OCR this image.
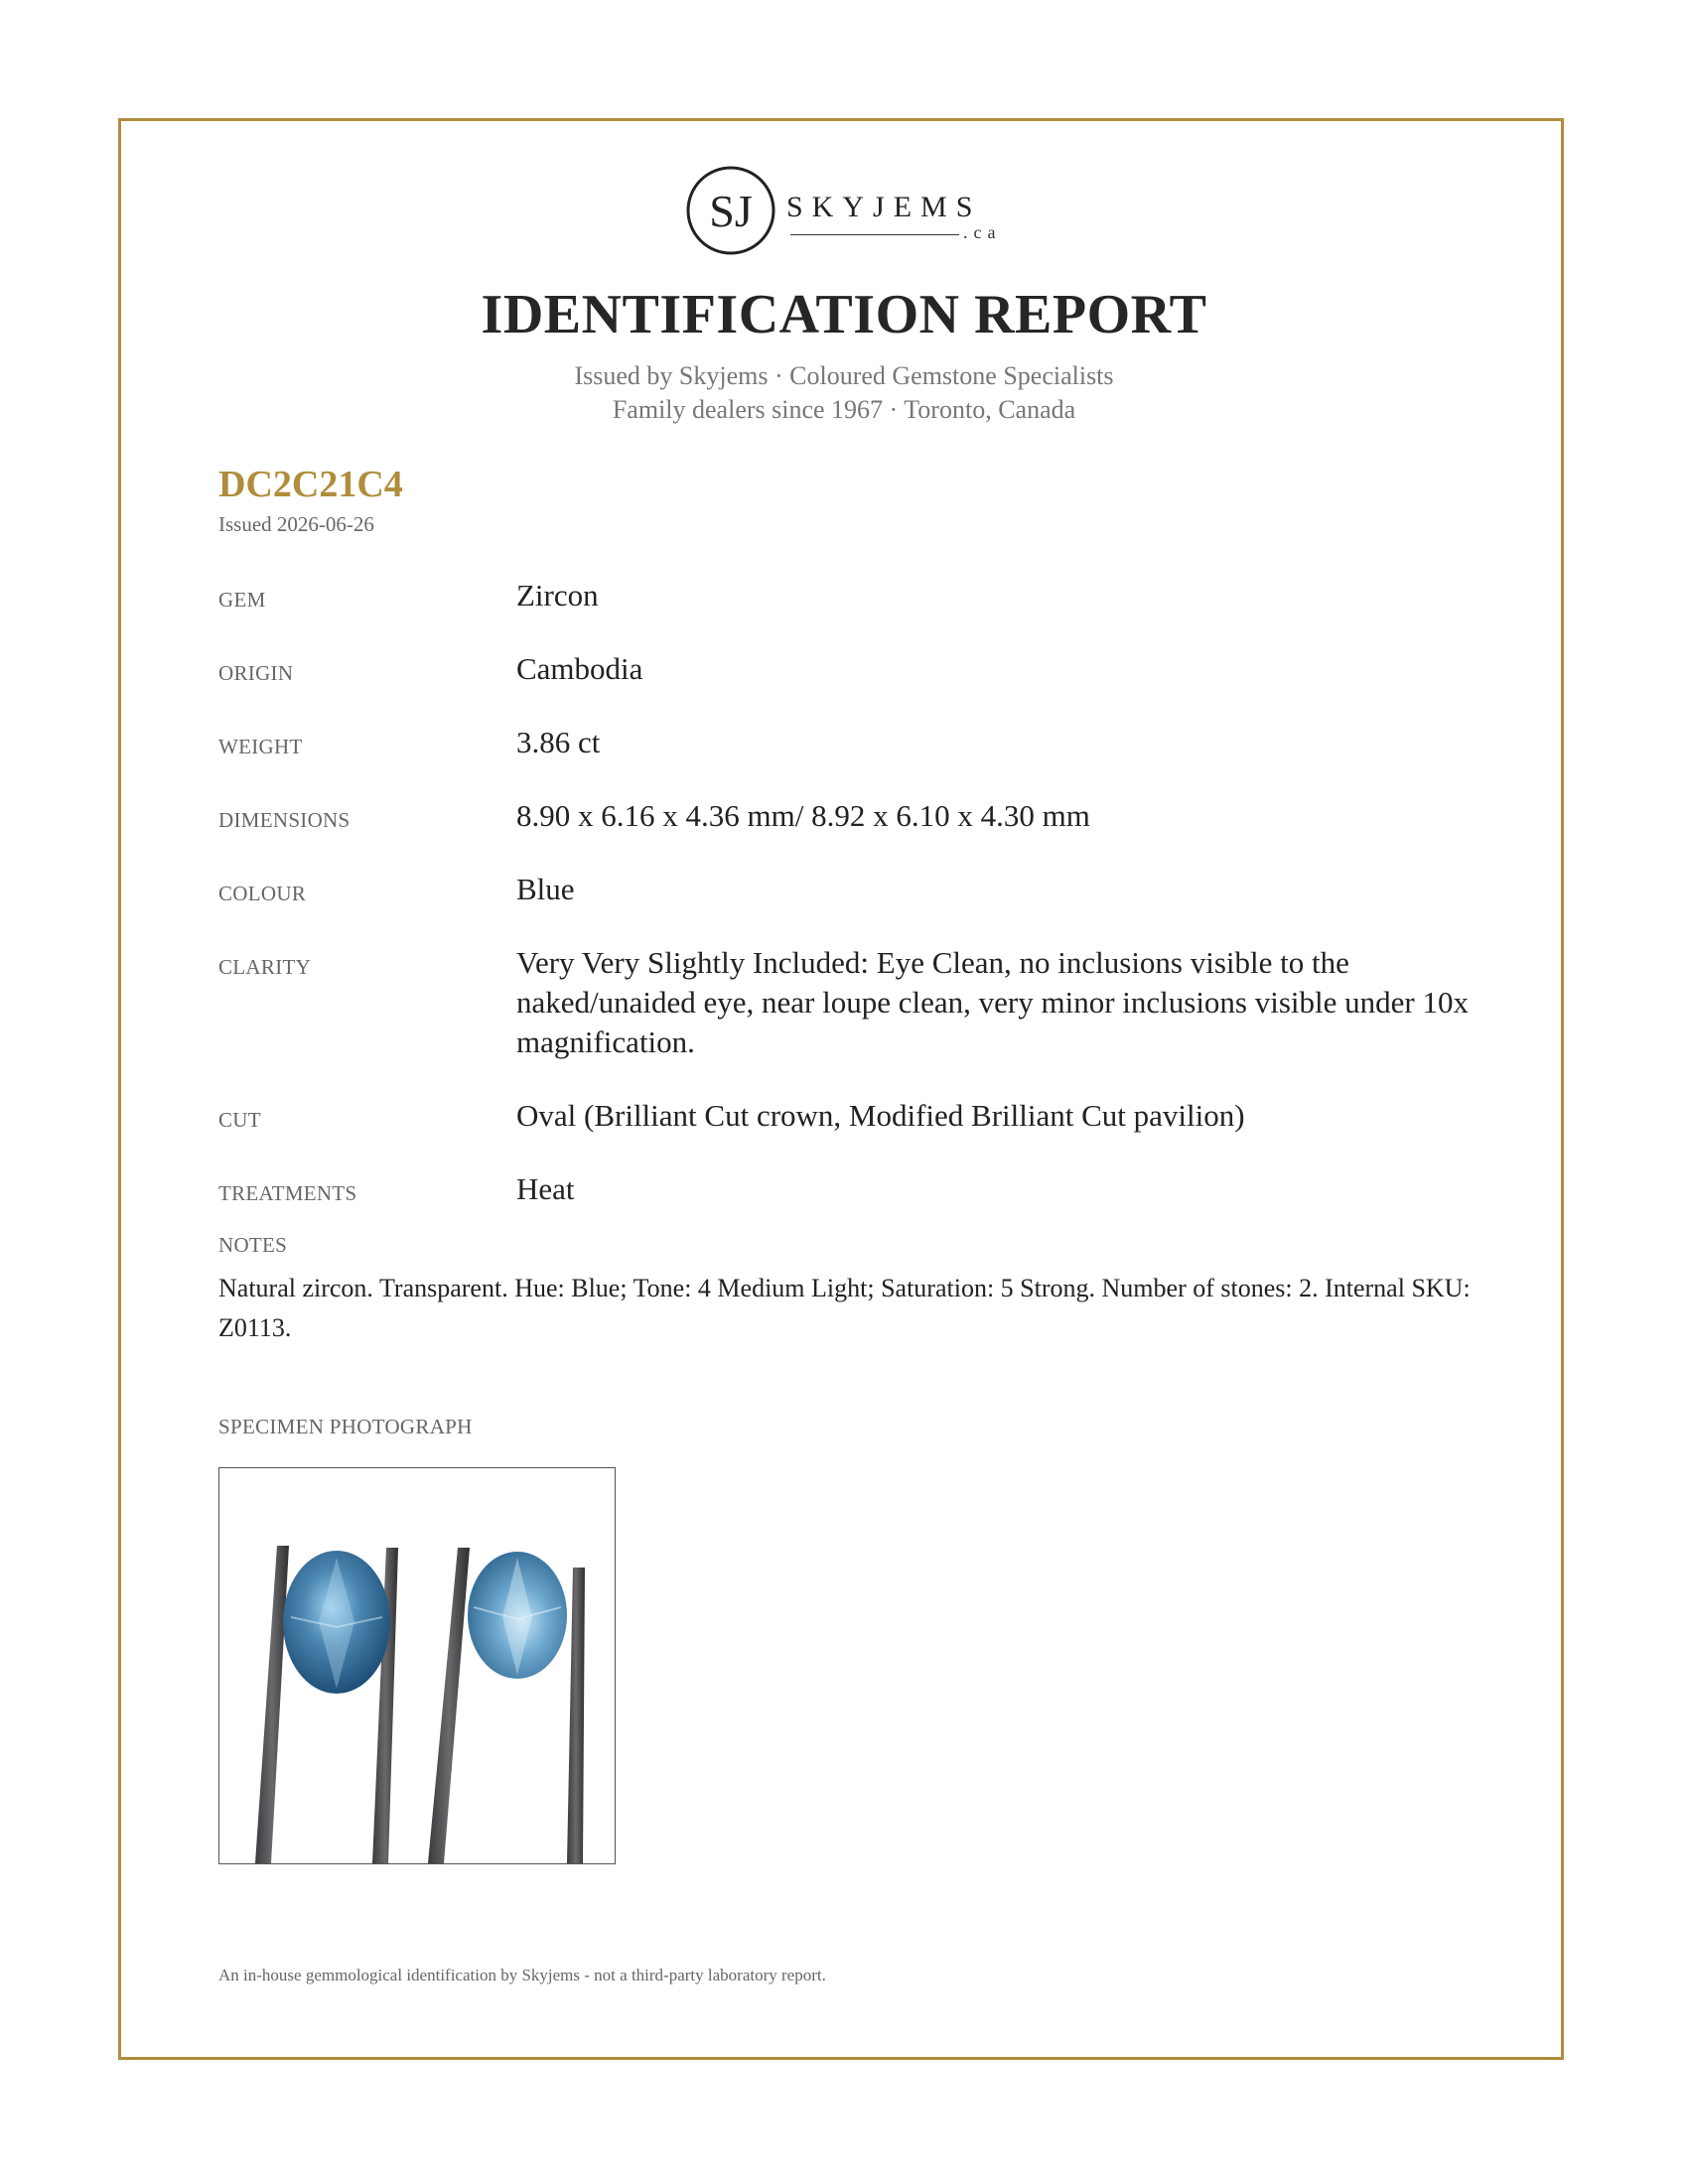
SJ SKYJEMS
.ca
IDENTIFICATION REPORT
Issued by Skyjems · Coloured Gemstone Specialists
Family dealers since 1967 · Toronto, Canada
DC2C21C4
Issued 2026-06-26
GEM	Zircon
ORIGIN	Cambodia
WEIGHT	3.86 ct
DIMENSIONS	8.90 x 6.16 x 4.36 mm/ 8.92 x 6.10 x 4.30 mm
COLOUR	Blue
CLARITY	Very Very Slightly Included: Eye Clean, no inclusions visible to the naked/unaided eye, near loupe clean, very minor inclusions visible under 10x magnification.
CUT	Oval (Brilliant Cut crown, Modified Brilliant Cut pavilion)
TREATMENTS	Heat
NOTES
Natural zircon. Transparent. Hue: Blue; Tone: 4 Medium Light; Saturation: 5 Strong. Number of stones: 2. Internal SKU: Z0113.
SPECIMEN PHOTOGRAPH
An in-house gemmological identification by Skyjems - not a third-party laboratory report.
